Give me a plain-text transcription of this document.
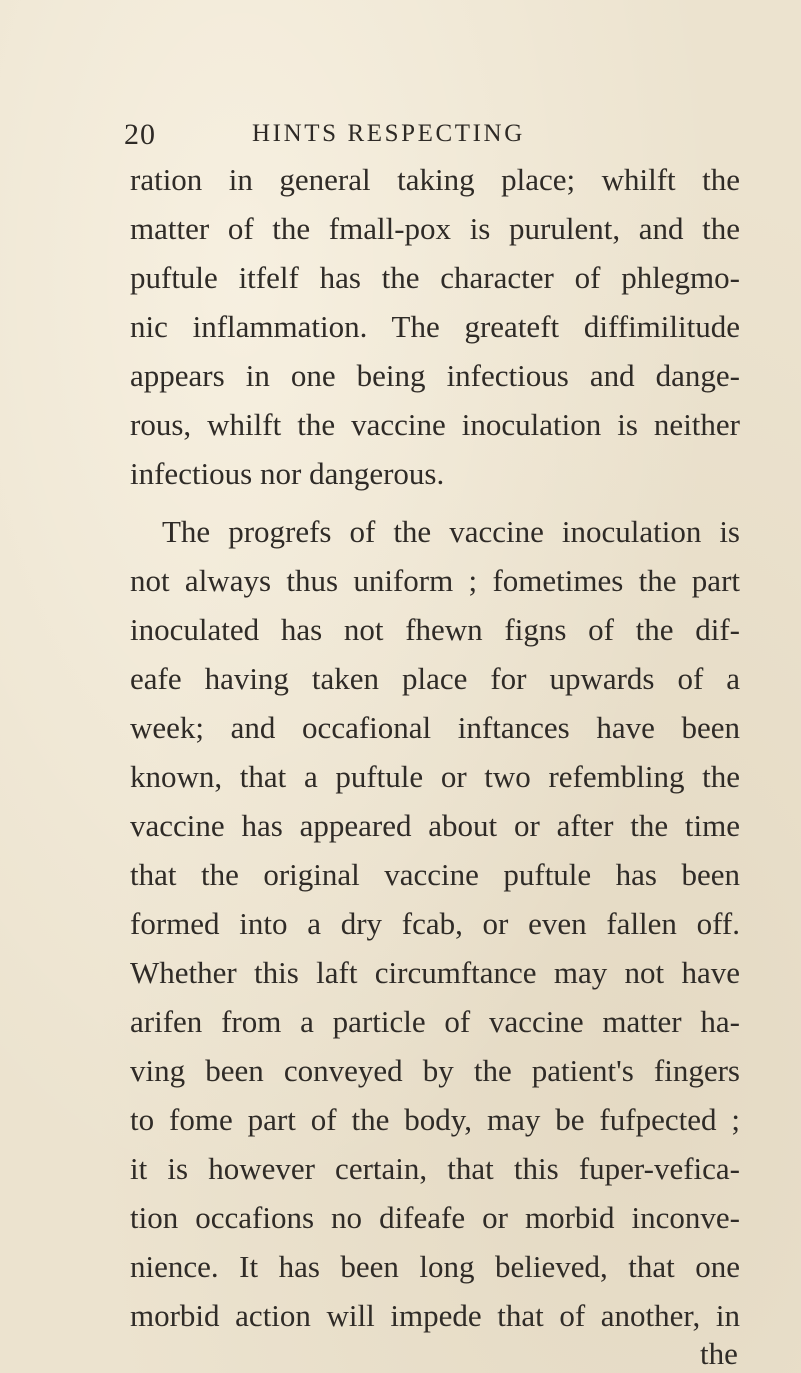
20	HINTS RESPECTING
ration in general taking place; whilft the
matter of the fmall-pox is purulent, and the
puftule itfelf has the character of phlegmo-
nic inflammation. The greateft diffimilitude
appears in one being infectious and dange-
rous, whilft the vaccine inoculation is neither
infectious nor dangerous.
The progrefs of the vaccine inoculation is
not always thus uniform ; fometimes the part
inoculated has not fhewn figns of the dif-
eafe having taken place for upwards of a
week; and occafional inftances have been
known, that a puftule or two refembling the
vaccine has appeared about or after the time
that the original vaccine puftule has been
formed into a dry fcab, or even fallen off.
Whether this laft circumftance may not have
arifen from a particle of vaccine matter ha-
ving been conveyed by the patient's fingers
to fome part of the body, may be fufpected ;
it is however certain, that this fuper-vefica-
tion occafions no difeafe or morbid inconve-
nience. It has been long believed, that one
morbid action will impede that of another, in
the
